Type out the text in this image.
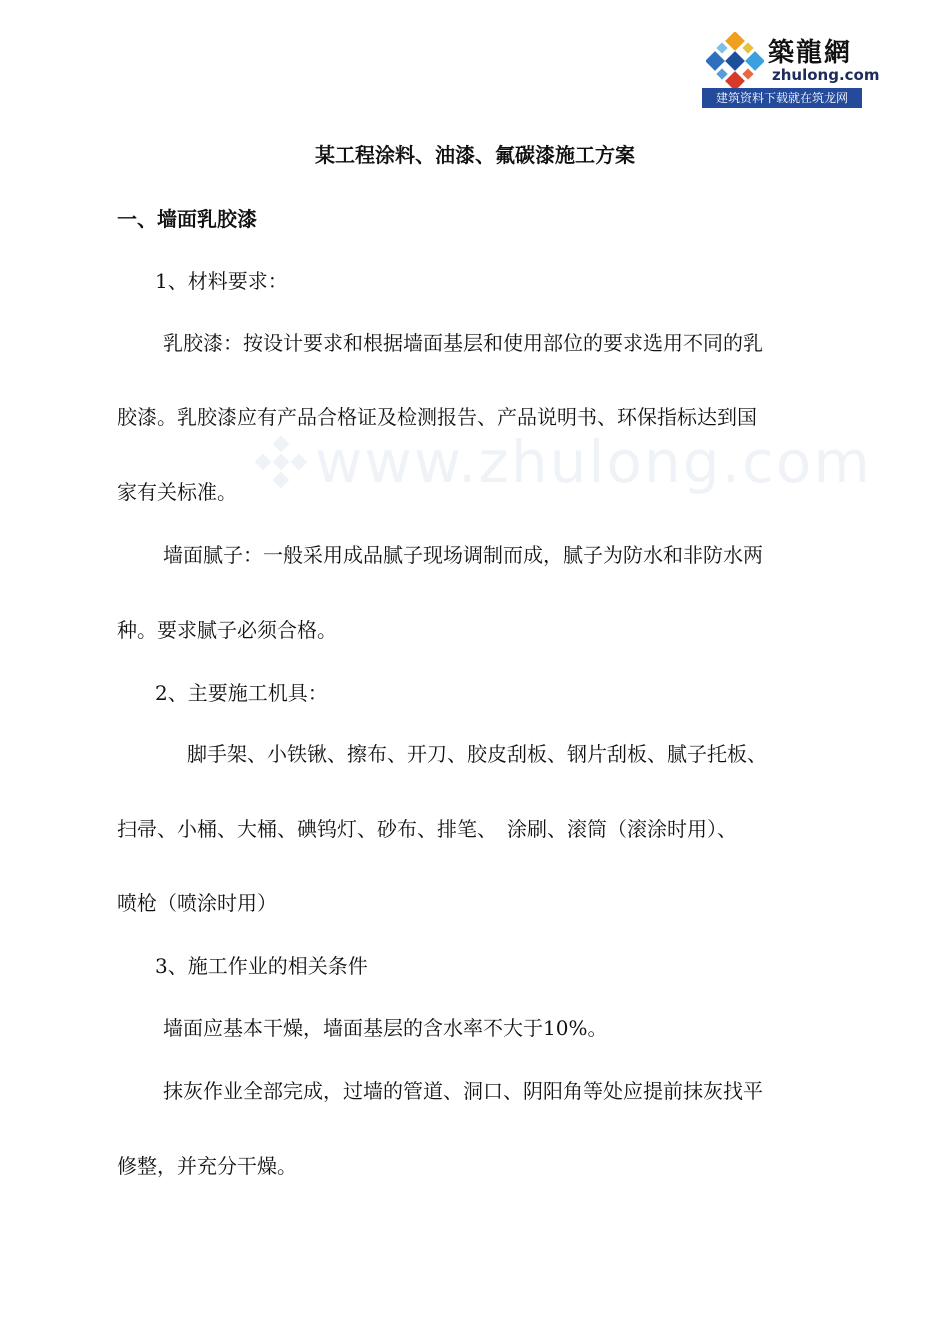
築龍網
zhulong.com
建筑资料下载就在筑龙网
www.zhulong.com
某工程涂料、油漆、氟碳漆施工方案
一、墙面乳胶漆
1、材料要求：
乳胶漆：按设计要求和根据墙面基层和使用部位的要求选用不同的乳
胶漆。乳胶漆应有产品合格证及检测报告、产品说明书、环保指标达到国
家有关标准。
墙面腻子：一般采用成品腻子现场调制而成，腻子为防水和非防水两
种。要求腻子必须合格。
2、主要施工机具：
脚手架、小铁锹、擦布、开刀、胶皮刮板、钢片刮板、腻子托板、
扫帚、小桶、大桶、碘钨灯、砂布、排笔、　涂刷、滚筒（滚涂时用）、
喷枪（喷涂时用）
3、施工作业的相关条件
墙面应基本干燥，墙面基层的含水率不大于10%。
抹灰作业全部完成，过墙的管道、洞口、阴阳角等处应提前抹灰找平
修整，并充分干燥。
